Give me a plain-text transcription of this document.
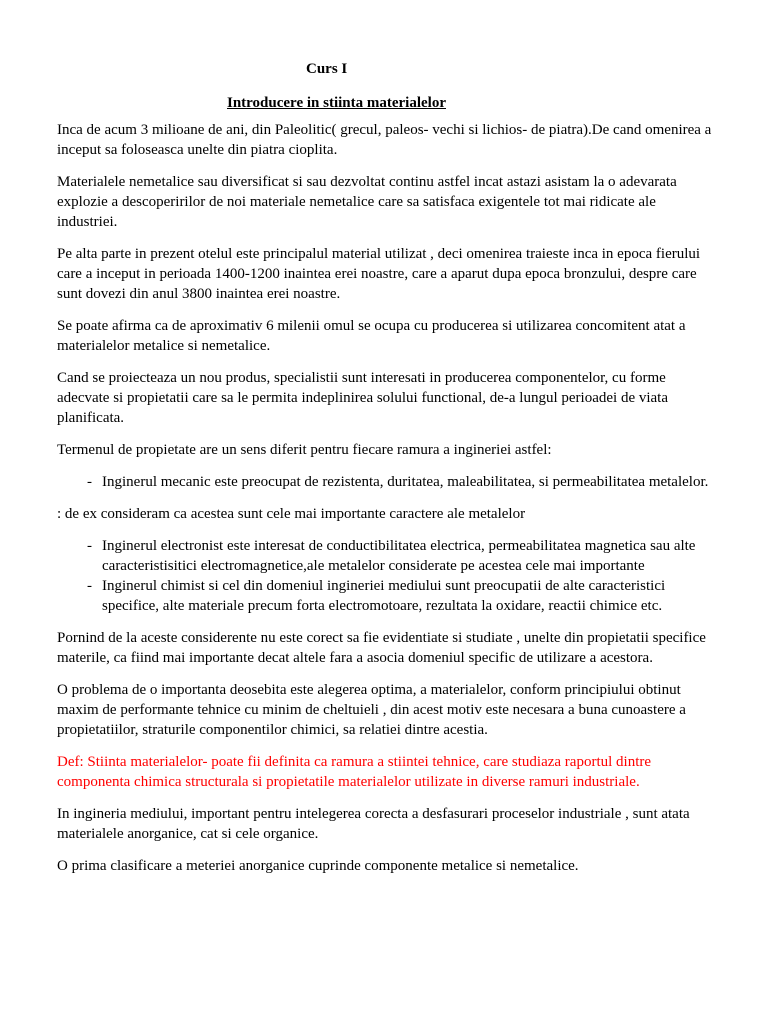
Curs I
Introducere in stiinta materialelor

Inca de acum 3 milioane de ani, din Paleolitic( grecul, paleos- vechi si lichios- de piatra).De cand omenirea a inceput sa foloseasca unelte din piatra cioplita.

Materialele nemetalice sau diversificat si sau dezvoltat continu astfel incat astazi asistam la o adevarata explozie a descoperirilor de noi materiale nemetalice care sa satisfaca exigentele tot mai ridicate ale industriei.

Pe alta parte in prezent otelul este principalul material utilizat , deci omenirea traieste inca in epoca fierului care a inceput in perioada 1400-1200 inaintea erei noastre, care a aparut dupa epoca bronzului, despre care sunt dovezi din anul 3800 inaintea erei noastre.

Se poate afirma ca de aproximativ 6 milenii omul se ocupa cu producerea si utilizarea concomitent atat a materialelor metalice si nemetalice.

Cand se proiecteaza un nou produs, specialistii sunt interesati in producerea componentelor, cu forme adecvate si propietatii care sa le permita indeplinirea solului functional, de-a lungul perioadei de viata planificata.

Termenul de propietate are un sens diferit pentru fiecare ramura a ingineriei astfel:

- Inginerul mecanic este preocupat de rezistenta, duritatea, maleabilitatea, si permeabilitatea metalelor.

: de ex consideram ca acestea sunt cele mai importante caractere ale metalelor

- Inginerul electronist este interesat de conductibilitatea electrica, permeabilitatea magnetica sau alte caracteristisitici electromagnetice,ale metalelor considerate pe acestea cele mai importante
- Inginerul chimist si cel din domeniul ingineriei mediului sunt preocupatii de alte caracteristici specifice, alte materiale precum forta electromotoare, rezultata la oxidare, reactii chimice etc.

Pornind de la aceste considerente nu este corect sa fie evidentiate si studiate , unelte din propietatii specifice materile, ca fiind mai importante decat altele fara a asocia domeniul specific de utilizare a acestora.

O problema de o importanta deosebita este alegerea optima, a materialelor, conform principiului obtinut maxim de performante tehnice cu minim de cheltuieli , din acest motiv este necesara a buna cunoastere a propietatiilor, straturile componentilor chimici, sa relatiei dintre acestia.

Def: Stiinta materialelor- poate fii definita ca ramura a stiintei tehnice, care studiaza raportul dintre componenta chimica structurala si propietatile materialelor utilizate in diverse ramuri industriale.

In ingineria mediului, important pentru intelegerea corecta a desfasurari proceselor industriale , sunt atata materialele anorganice, cat si cele organice.

O prima clasificare a meteriei anorganice cuprinde componente metalice si nemetalice.
